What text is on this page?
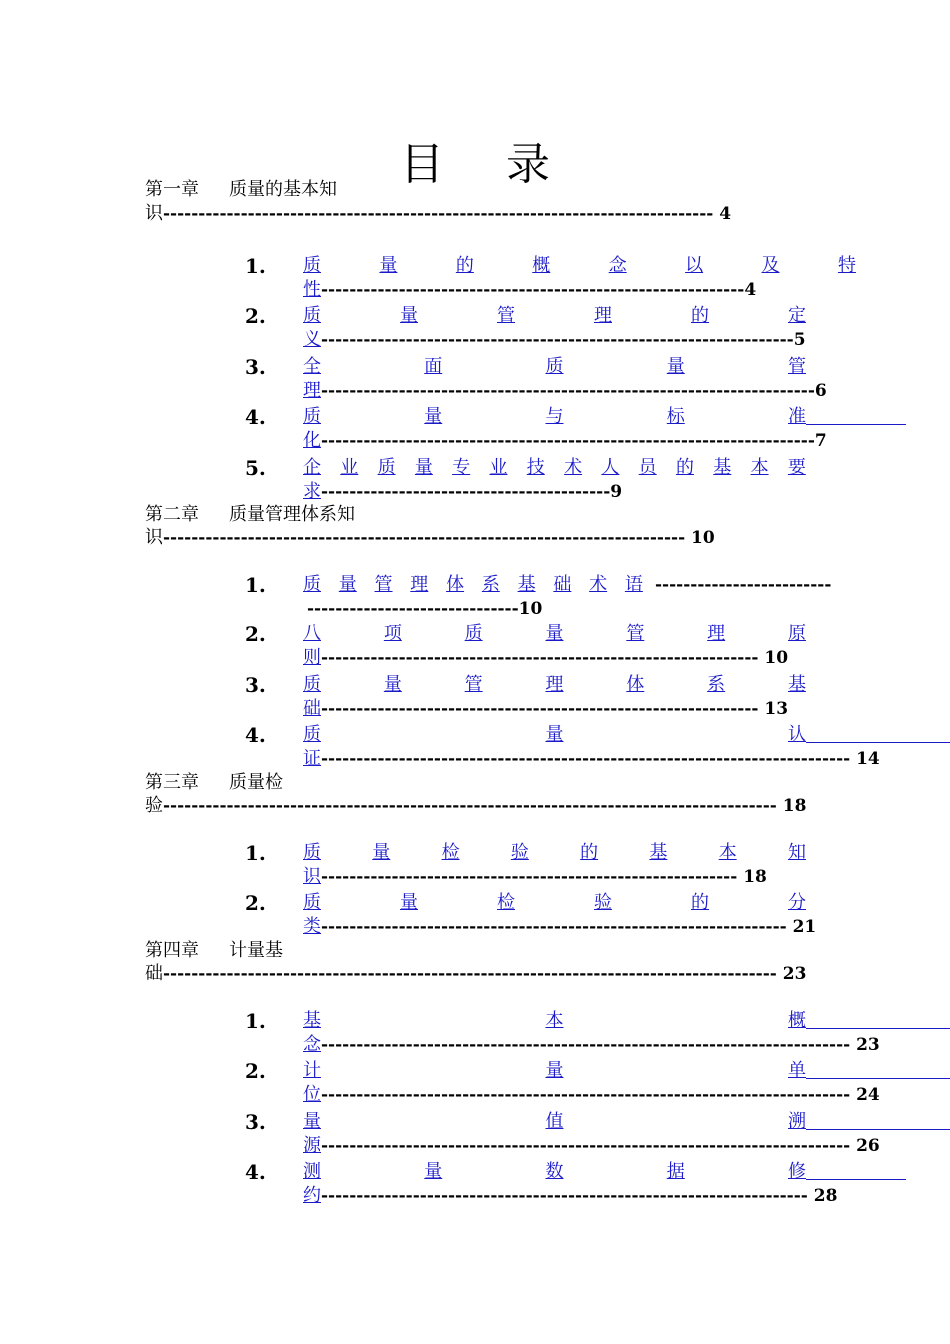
目 录
第一章 质量的基本知
识------------------------------------------------------------------------------ 4
1.	质	量	的	概	念	以	及	特
性------------------------------------------------------------4
2.	质	量	管	理	的	定
义-------------------------------------------------------------------5
3.	全	面	质	量	管
理----------------------------------------------------------------------6
4.	质	量	与	标	准
化----------------------------------------------------------------------7
5.	企 业 质 量 专 业 技 术 人 员 的 基 本 要
求-----------------------------------------9
第二章 质量管理体系知
识-------------------------------------------------------------------------- 10
1.	质 量 管 理 体 系 基 础 术 语 -------------------------
------------------------------10
2.	八	项	质	量	管	理	原
则-------------------------------------------------------------- 10
3.	质	量	管	理	体	系	基
础-------------------------------------------------------------- 13
4.	质	量	认
证--------------------------------------------------------------------------- 14
第三章 质量检
验--------------------------------------------------------------------------------------- 18
1.	质	量	检	验	的	基	本	知
识----------------------------------------------------------- 18
2.	质	量	检	验	的	分
类------------------------------------------------------------------ 21
第四章 计量基
础--------------------------------------------------------------------------------------- 23
1.	基	本	概
念--------------------------------------------------------------------------- 23
2.	计	量	单
位--------------------------------------------------------------------------- 24
3.	量	值	溯
源--------------------------------------------------------------------------- 26
4.	测	量	数	据	修
约--------------------------------------------------------------------- 28
